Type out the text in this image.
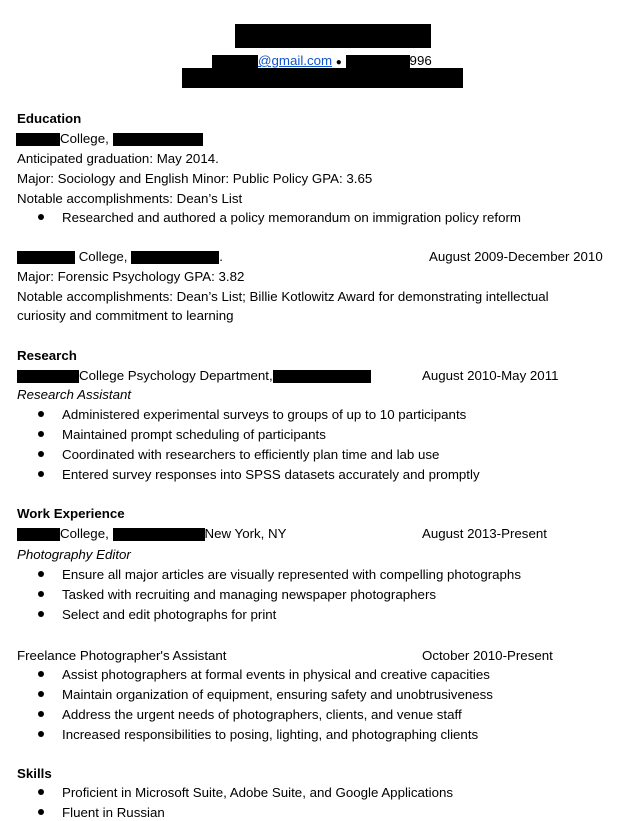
@gmail.com ●	996
Education
College,
Anticipated graduation: May 2014.
Major: Sociology and English Minor: Public Policy GPA: 3.65
Notable accomplishments: Dean’s List
Researched and authored a policy memorandum on immigration policy reform
College,	.	August 2009-December 2010
Major: Forensic Psychology GPA: 3.82
Notable accomplishments: Dean’s List; Billie Kotlowitz Award for demonstrating intellectual
curiosity and commitment to learning
Research
College Psychology Department,	August 2010-May 2011
Research Assistant
Administered experimental surveys to groups of up to 10 participants
Maintained prompt scheduling of participants
Coordinated with researchers to efficiently plan time and lab use
Entered survey responses into SPSS datasets accurately and promptly
Work Experience
College,	New York, NY	August 2013-Present
Photography Editor
Ensure all major articles are visually represented with compelling photographs
Tasked with recruiting and managing newspaper photographers
Select and edit photographs for print
Freelance Photographer's Assistant	October 2010-Present
Assist photographers at formal events in physical and creative capacities
Maintain organization of equipment, ensuring safety and unobtrusiveness
Address the urgent needs of photographers, clients, and venue staff
Increased responsibilities to posing, lighting, and photographing clients
Skills
Proficient in Microsoft Suite, Adobe Suite, and Google Applications
Fluent in Russian
